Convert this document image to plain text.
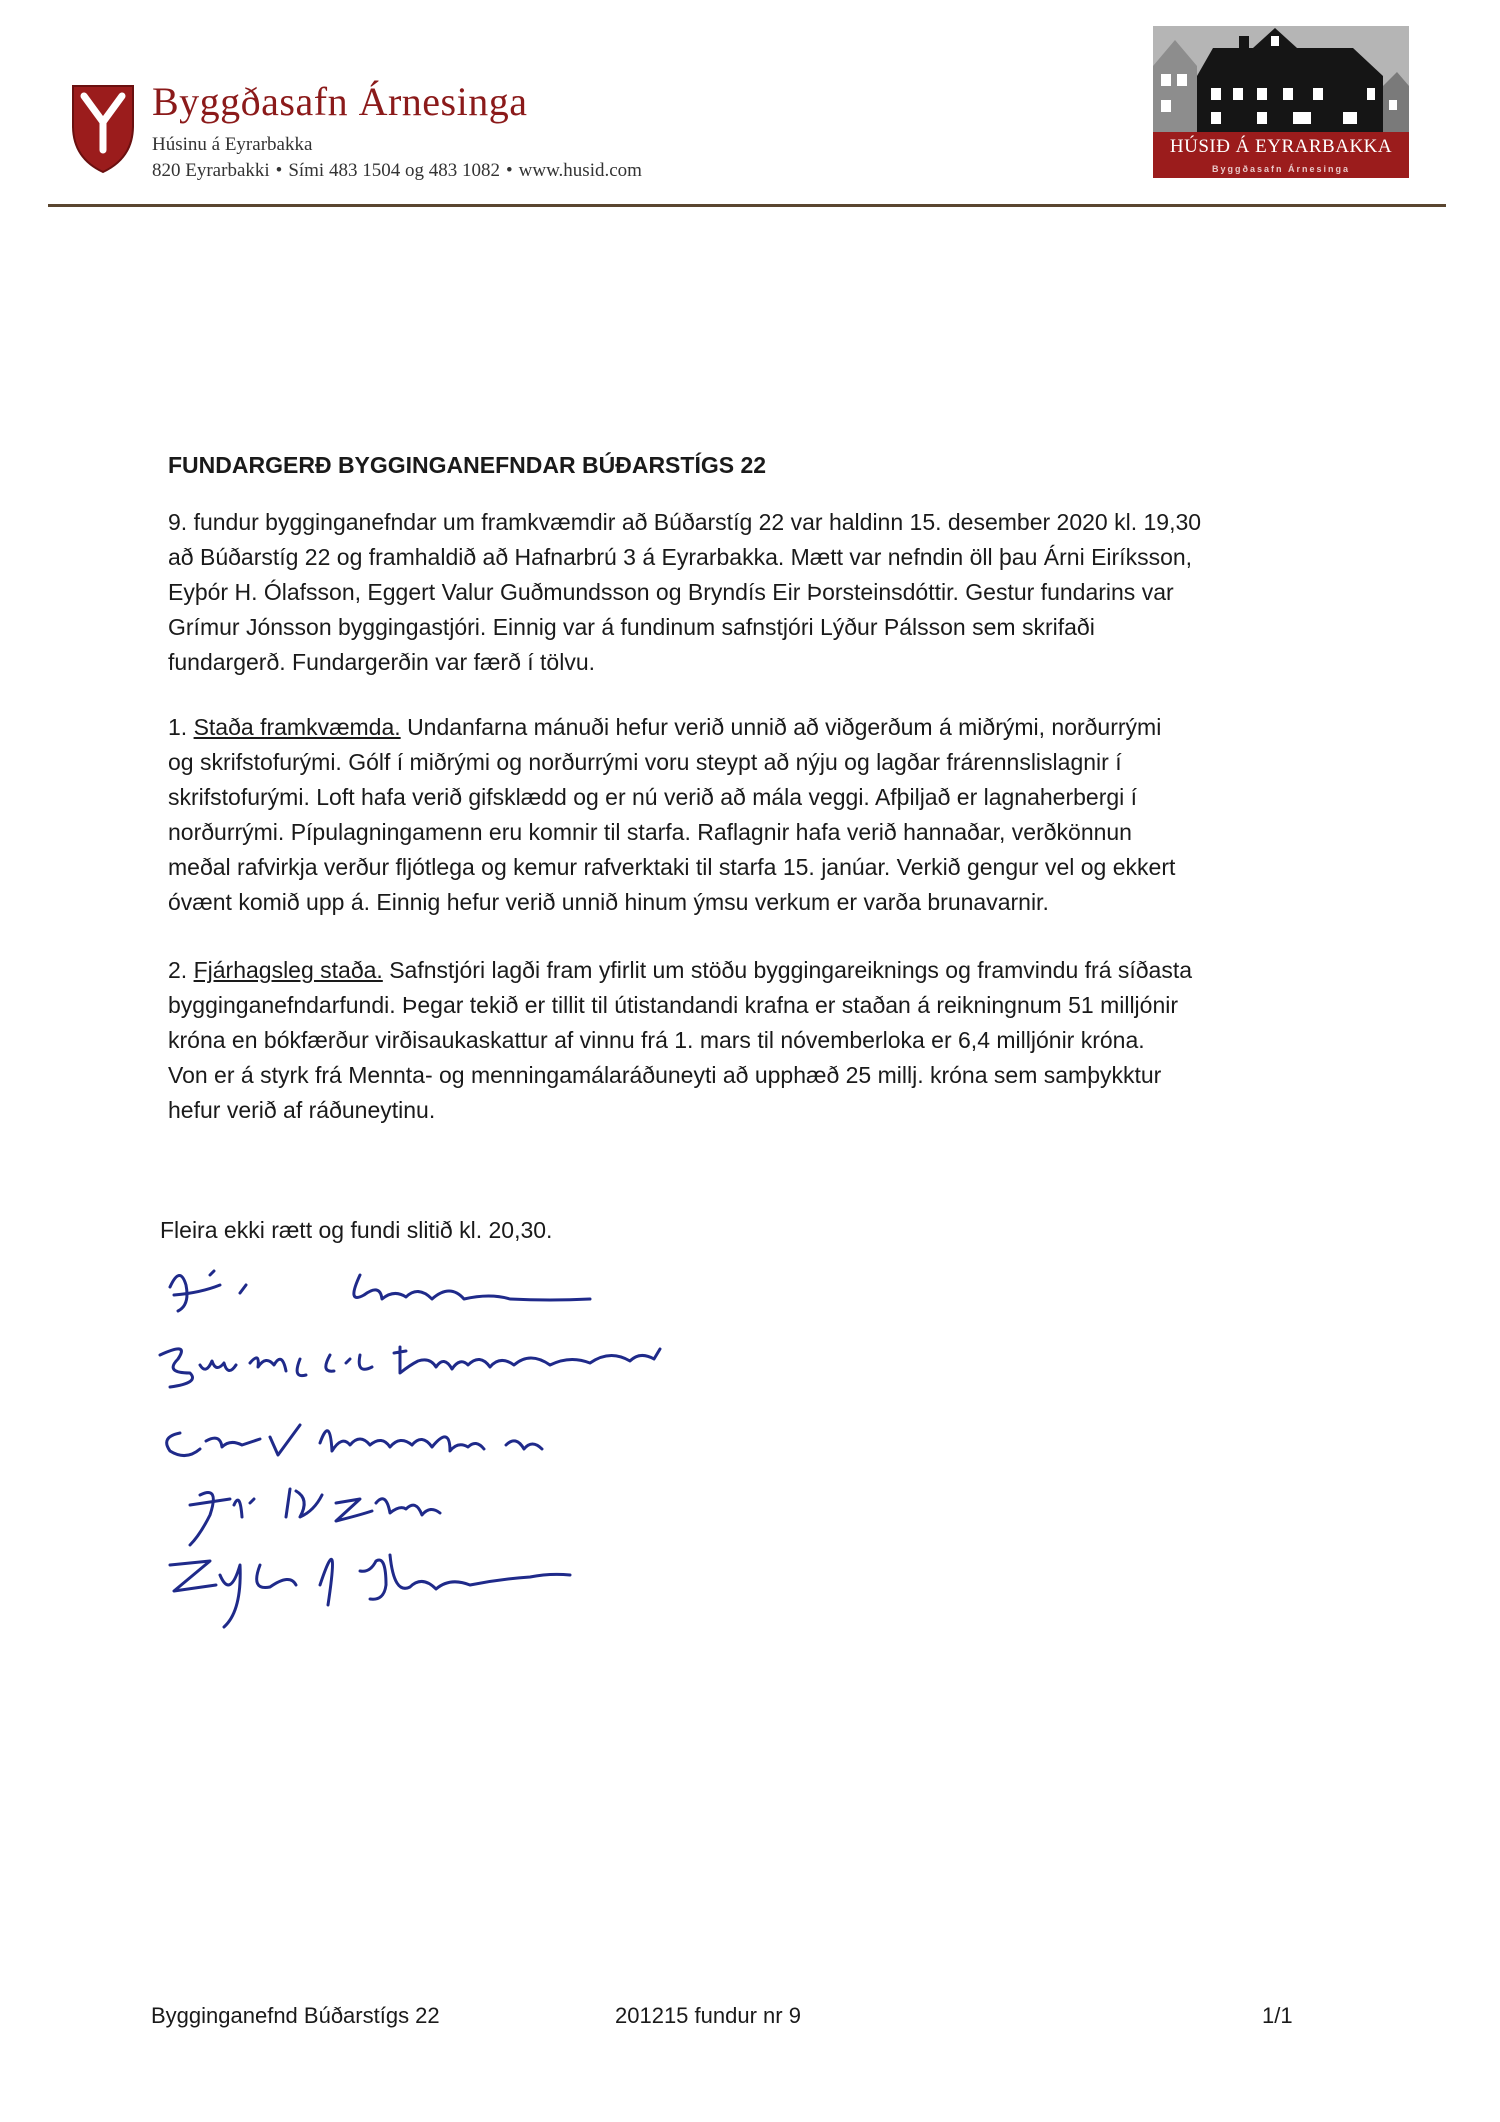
Byggðasafn Árnesinga
Húsinu á Eyrarbakka
820 Eyrarbakki • Sími 483 1504 og 483 1082 • www.husid.com
HÚSIÐ Á EYRARBAKKA
Byggðasafn Árnesinga
FUNDARGERÐ BYGGINGANEFNDAR BÚÐARSTÍGS 22

9. fundur bygginganefndar um framkvæmdir að Búðarstíg 22 var haldinn 15. desember 2020 kl. 19,30
að Búðarstíg 22 og framhaldið að Hafnarbrú 3 á Eyrarbakka. Mætt var nefndin öll þau Árni Eiríksson,
Eyþór H. Ólafsson, Eggert Valur Guðmundsson og Bryndís Eir Þorsteinsdóttir. Gestur fundarins var
Grímur Jónsson byggingastjóri. Einnig var á fundinum safnstjóri Lýður Pálsson sem skrifaði
fundargerð. Fundargerðin var færð í tölvu.

1. Staða framkvæmda. Undanfarna mánuði hefur verið unnið að viðgerðum á miðrými, norðurrými
og skrifstofurými. Gólf í miðrými og norðurrými voru steypt að nýju og lagðar frárennslislagnir í
skrifstofurými. Loft hafa verið gifsklædd og er nú verið að mála veggi. Afþiljað er lagnaherbergi í
norðurrými. Pípulagningamenn eru komnir til starfa. Raflagnir hafa verið hannaðar, verðkönnun
meðal rafvirkja verður fljótlega og kemur rafverktaki til starfa 15. janúar. Verkið gengur vel og ekkert
óvænt komið upp á. Einnig hefur verið unnið hinum ýmsu verkum er varða brunavarnir.

2. Fjárhagsleg staða. Safnstjóri lagði fram yfirlit um stöðu byggingareiknings og framvindu frá síðasta
bygginganefndarfundi. Þegar tekið er tillit til útistandandi krafna er staðan á reikningnum 51 milljónir
króna en bókfærður virðisaukaskattur af vinnu frá 1. mars til nóvemberloka er 6,4 milljónir króna.
Von er á styrk frá Mennta- og menningamálaráðuneyti að upphæð 25 millj. króna sem samþykktur
hefur verið af ráðuneytinu.

Fleira ekki rætt og fundi slitið kl. 20,30.
Bygginganefnd Búðarstígs 22	201215 fundur nr 9	1/1
